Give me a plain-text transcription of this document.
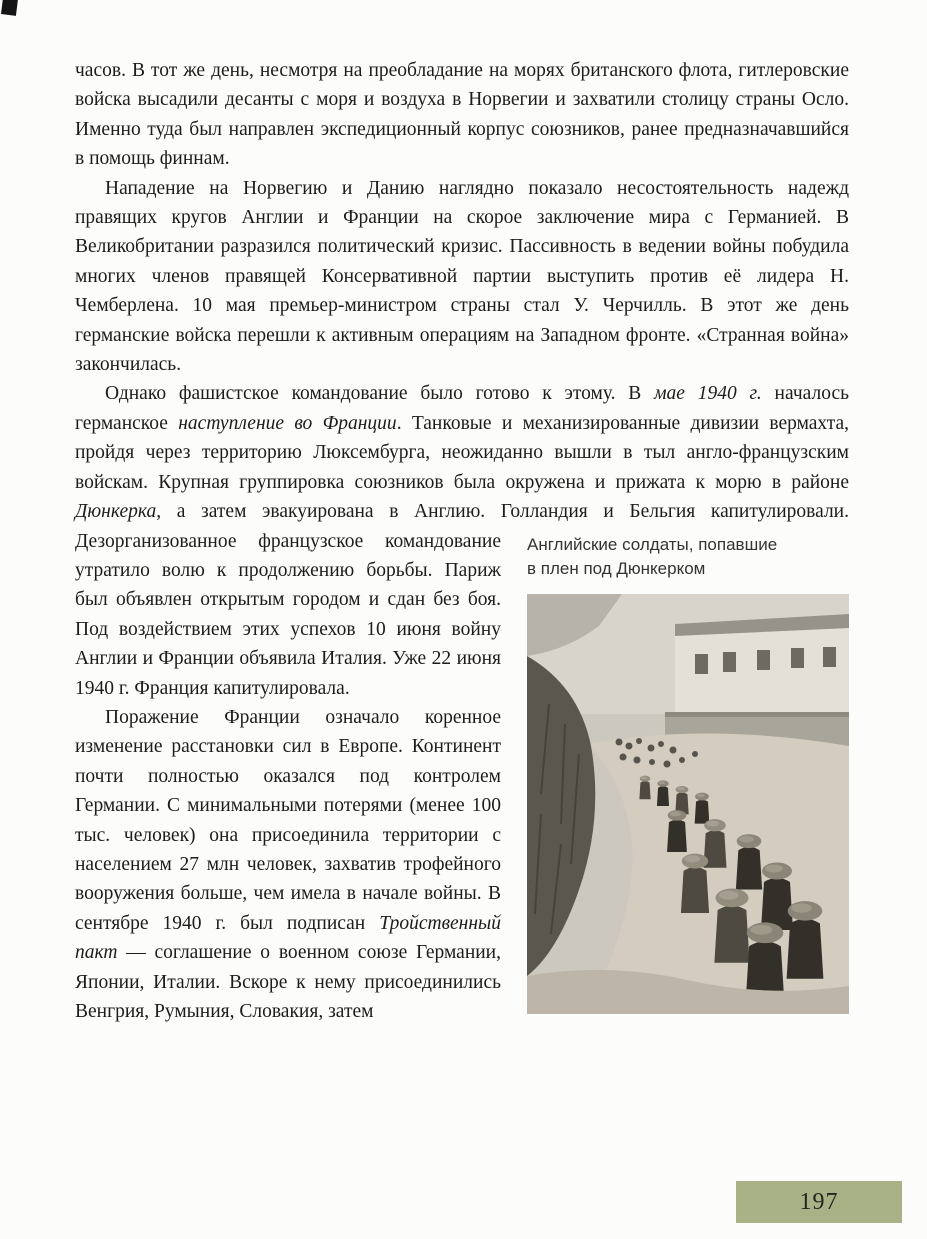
часов. В тот же день, несмотря на преобладание на морях британского флота, гитлеровские войска высадили десанты с моря и воздуха в Норвегии и захватили столицу страны Осло. Именно туда был направлен экспедиционный корпус союзников, ранее предназначавшийся в помощь финнам.

Нападение на Норвегию и Данию наглядно показало несостоятельность надежд правящих кругов Англии и Франции на скорое заключение мира с Германией. В Великобритании разразился политический кризис. Пассивность в ведении войны побудила многих членов правящей Консервативной партии выступить против её лидера Н. Чемберлена. 10 мая премьер-министром страны стал У. Черчилль. В этот же день германские войска перешли к активным операциям на Западном фронте. «Странная война» закончилась.

Однако фашистское командование было готово к этому. В мае 1940 г. началось германское наступление во Франции. Танковые и механизированные дивизии вермахта, пройдя через территорию Люксембурга, неожиданно вышли в тыл англо-французским войскам. Крупная группировка союзников была окружена и прижата к морю в районе Дюнкерка, а затем эвакуирована в Англию. Голландия и Бельгия капитулировали.
Английские солдаты, попавшие
в плен под Дюнкерком
Дезорганизованное французское командование утратило волю к продолжению борьбы. Париж был объявлен открытым городом и сдан без боя. Под воздействием этих успехов 10 июня войну Англии и Франции объявила Италия. Уже 22 июня 1940 г. Франция капитулировала.

Поражение Франции означало коренное изменение расстановки сил в Европе. Континент почти полностью оказался под контролем Германии. С минимальными потерями (менее 100 тыс. человек) она присоединила территории с населением 27 млн человек, захватив трофейного вооружения больше, чем имела в начале войны. В сентябре 1940 г. был подписан Тройственный пакт — соглашение о военном союзе Германии, Японии, Италии. Вскоре к нему присоединились Венгрия, Румыния, Словакия, затем

197
